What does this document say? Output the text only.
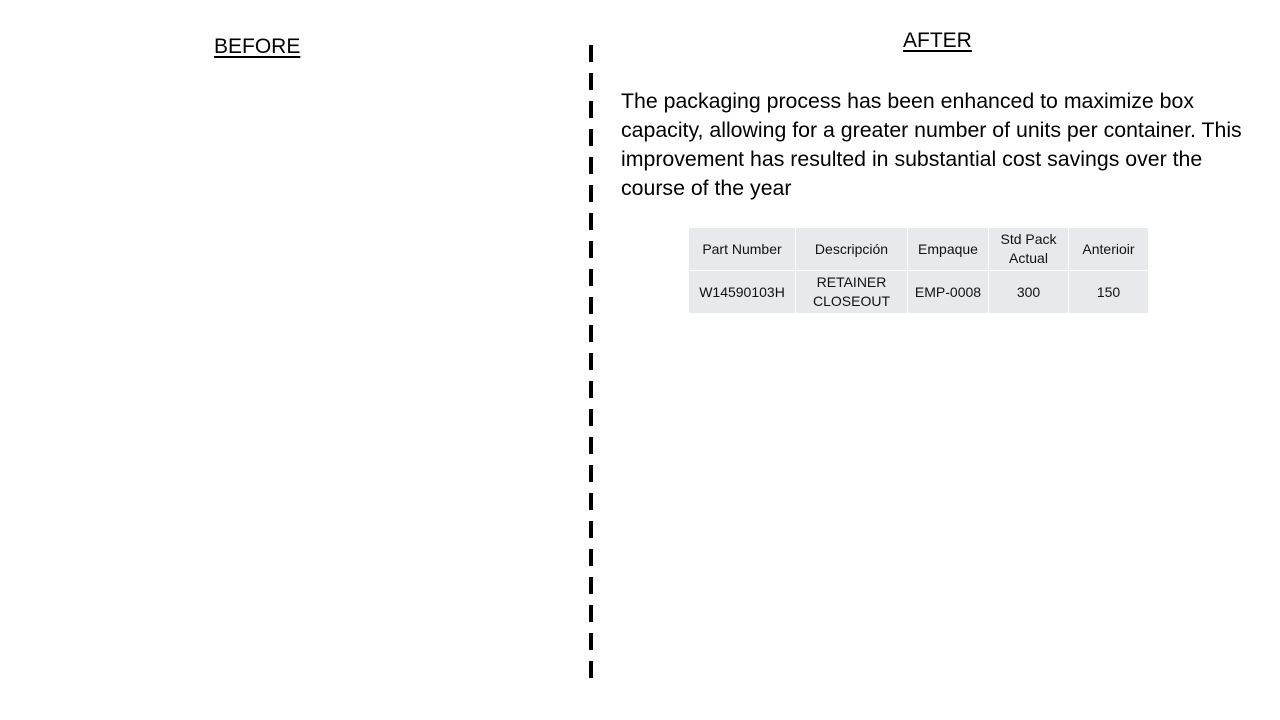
BEFORE	AFTER

The packaging process has been enhanced to maximize box capacity, allowing for a greater number of units per container. This improvement has resulted in substantial cost savings over the course of the year

Part Number	Descripción	Empaque	Std Pack Actual	Anterioir
W14590103H	RETAINER CLOSEOUT	EMP-0008	300	150
